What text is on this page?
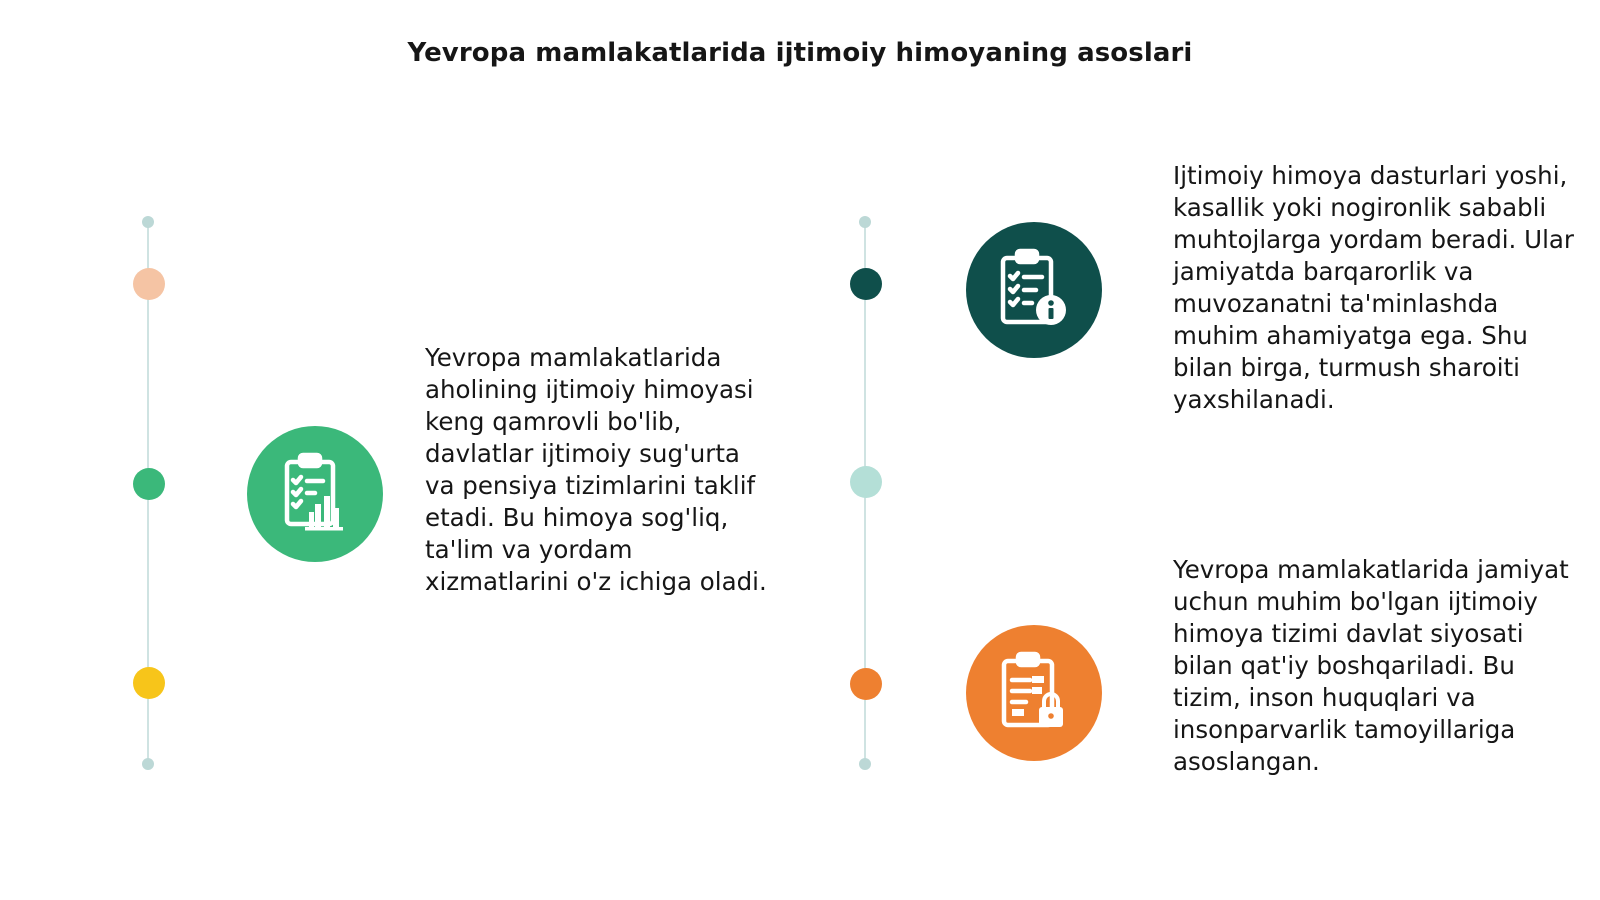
Yevropa mamlakatlarida ijtimoiy himoyaning asoslari
Yevropa mamlakatlarida aholining ijtimoiy himoyasi keng qamrovli bo'lib, davlatlar ijtimoiy sug'urta va pensiya tizimlarini taklif etadi. Bu himoya sog'liq, ta'lim va yordam xizmatlarini o'z ichiga oladi.
Ijtimoiy himoya dasturlari yoshi, kasallik yoki nogironlik sababli muhtojlarga yordam beradi. Ular jamiyatda barqarorlik va muvozanatni ta'minlashda muhim ahamiyatga ega. Shu bilan birga, turmush sharoiti yaxshilanadi.
Yevropa mamlakatlarida jamiyat uchun muhim bo'lgan ijtimoiy himoya tizimi davlat siyosati bilan qat'iy boshqariladi. Bu tizim, inson huquqlari va insonparvarlik tamoyillariga asoslangan.
